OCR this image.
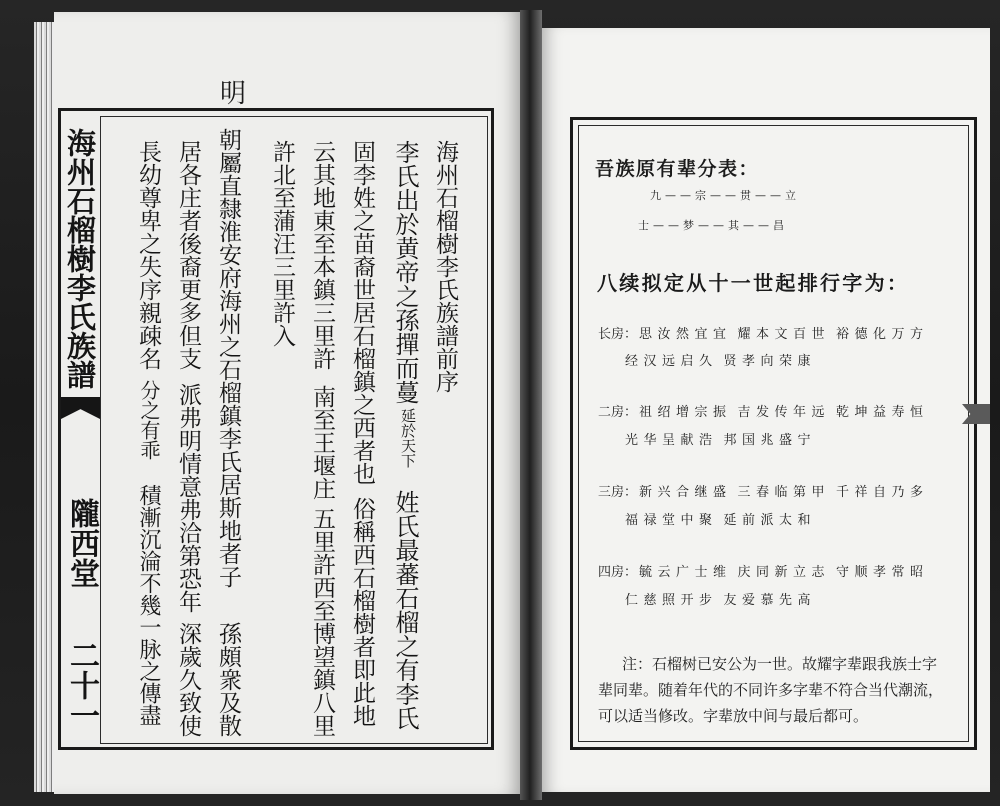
明
海州石榴樹李氏族譜
隴西堂
二十一
海州石榴樹李氏族譜前序
李氏出於黄帝之孫撣而蔓
延於天下
姓氏最蕃石榴之有李氏
固李姓之苗裔世居石榴鎮之西者也
俗稱西石榴樹者即此地
云其地東至本鎮三里許
南至王堰庄
五里許西至博望鎮八里
許北至蒲汪三里許入
朝屬直隸淮安府海州之石榴鎮李氏居斯地者子
孫頗衆及散
居各庄者後裔更多但支
派弗明情意弗洽第恐年
深歲久致使
長幼尊卑之失序親疎名
分之有乖
積漸沉淪不幾一脉之傳盡
吾族原有辈分表：
九——宗——贯——立
士——梦——其——昌
八续拟定从十一世起排行字为：
长房： 思汝然宜宜 耀本文百世 裕德化万方
经汉远启久 贤孝向荣康
二房： 祖绍增宗振 吉发传年远 乾坤益寿恒
光华呈献浩 邦国兆盛宁
三房： 新兴合继盛 三春临第甲 千祥自乃多
福禄堂中聚 延前派太和
四房： 毓云广士维 庆同新立志 守顺孝常昭
仁慈照开步 友爱慕先高
注：石榴树已安公为一世。故耀字辈跟我族士字
辈同辈。随着年代的不同许多字辈不符合当代潮流，
可以适当修改。字辈放中间与最后都可。
